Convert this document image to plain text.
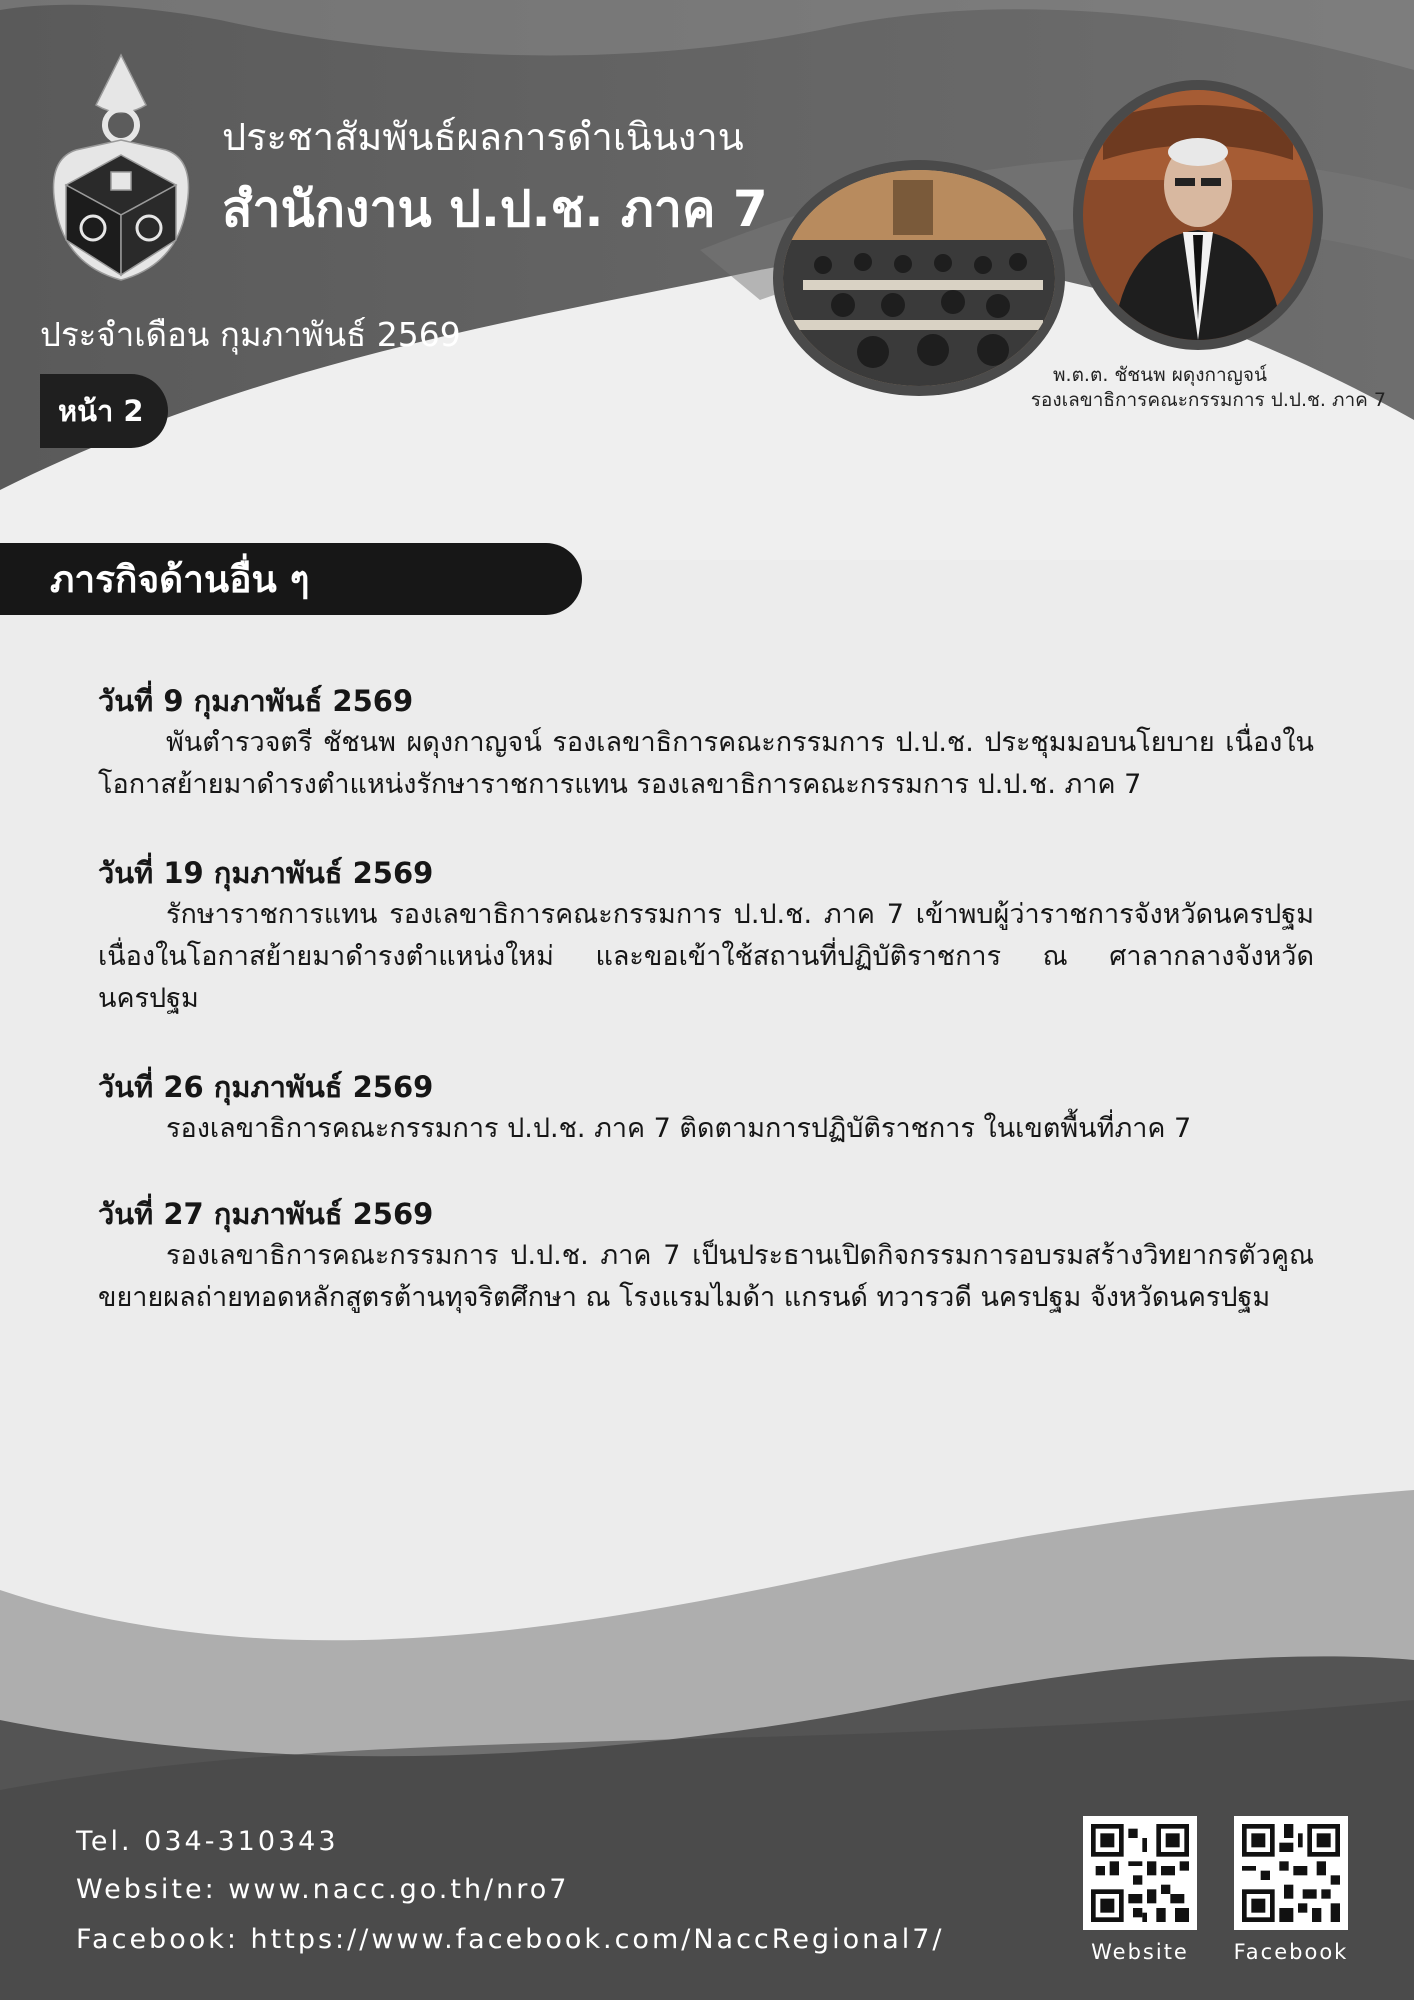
ประชาสัมพันธ์ผลการดำเนินงาน
สำนักงาน ป.ป.ช. ภาค 7
ประจำเดือน กุมภาพันธ์ 2569
หน้า 2
พ.ต.ต. ชัชนพ ผดุงกาญจน์
รองเลขาธิการคณะกรรมการ ป.ป.ช. ภาค 7
ภารกิจด้านอื่น ๆ
วันที่ 9 กุมภาพันธ์ 2569
พันตำรวจตรี ชัชนพ ผดุงกาญจน์ รองเลขาธิการคณะกรรมการ ป.ป.ช. ประชุมมอบนโยบาย เนื่องในโอกาสย้ายมาดำรงตำแหน่งรักษาราชการแทน รองเลขาธิการคณะกรรมการ ป.ป.ช. ภาค 7
วันที่ 19 กุมภาพันธ์ 2569
รักษาราชการแทน รองเลขาธิการคณะกรรมการ ป.ป.ช. ภาค 7 เข้าพบผู้ว่าราชการจังหวัดนครปฐม เนื่องในโอกาสย้ายมาดำรงตำแหน่งใหม่ และขอเข้าใช้สถานที่ปฏิบัติราชการ ณ ศาลากลางจังหวัดนครปฐม
วันที่ 26 กุมภาพันธ์ 2569
รองเลขาธิการคณะกรรมการ ป.ป.ช. ภาค 7 ติดตามการปฏิบัติราชการ ในเขตพื้นที่ภาค 7
วันที่ 27 กุมภาพันธ์ 2569
รองเลขาธิการคณะกรรมการ ป.ป.ช. ภาค 7 เป็นประธานเปิดกิจกรรมการอบรมสร้างวิทยากรตัวคูณขยายผลถ่ายทอดหลักสูตรต้านทุจริตศึกษา ณ โรงแรมไมด้า แกรนด์ ทวารวดี นครปฐม จังหวัดนครปฐม
Tel. 034-310343
Website: www.nacc.go.th/nro7
Facebook: https://www.facebook.com/NaccRegional7/	Website	Facebook
